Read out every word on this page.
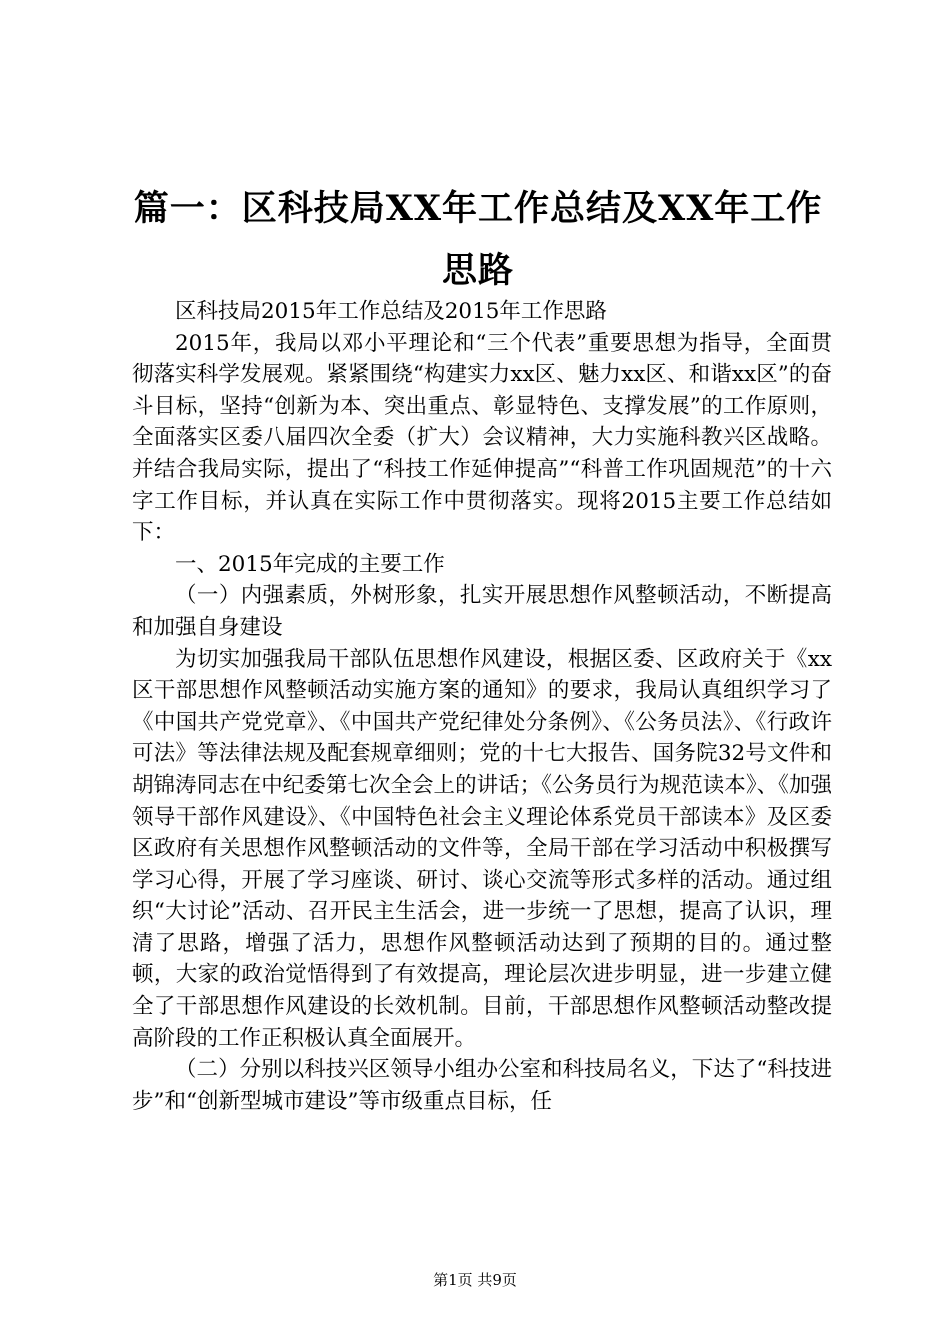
篇一：区科技局XX年工作总结及XX年工作思路

区科技局2015年工作总结及2015年工作思路

2015年，我局以邓小平理论和“三个代表”重要思想为指导，全面贯彻落实科学发展观。紧紧围绕“构建实力xx区、魅力xx区、和谐xx区”的奋斗目标，坚持“创新为本、突出重点、彰显特色、支撑发展”的工作原则，全面落实区委八届四次全委（扩大）会议精神，大力实施科教兴区战略。并结合我局实际，提出了“科技工作延伸提高”“科普工作巩固规范”的十六字工作目标，并认真在实际工作中贯彻落实。现将2015主要工作总结如下：

一、2015年完成的主要工作

（一）内强素质，外树形象，扎实开展思想作风整顿活动，不断提高和加强自身建设

为切实加强我局干部队伍思想作风建设，根据区委、区政府关于《xx区干部思想作风整顿活动实施方案的通知》的要求，我局认真组织学习了《中国共产党党章》、《中国共产党纪律处分条例》、《公务员法》、《行政许可法》等法律法规及配套规章细则；党的十七大报告、国务院32号文件和胡锦涛同志在中纪委第七次全会上的讲话；《公务员行为规范读本》、《加强领导干部作风建设》、《中国特色社会主义理论体系党员干部读本》及区委区政府有关思想作风整顿活动的文件等，全局干部在学习活动中积极撰写学习心得，开展了学习座谈、研讨、谈心交流等形式多样的活动。通过组织“大讨论”活动、召开民主生活会，进一步统一了思想，提高了认识，理清了思路，增强了活力，思想作风整顿活动达到了预期的目的。通过整顿，大家的政治觉悟得到了有效提高，理论层次进步明显，进一步建立健全了干部思想作风建设的长效机制。目前，干部思想作风整顿活动整改提高阶段的工作正积极认真全面展开。

（二）分别以科技兴区领导小组办公室和科技局名义，下达了“科技进步”和“创新型城市建设”等市级重点目标，任

第1页 共9页
